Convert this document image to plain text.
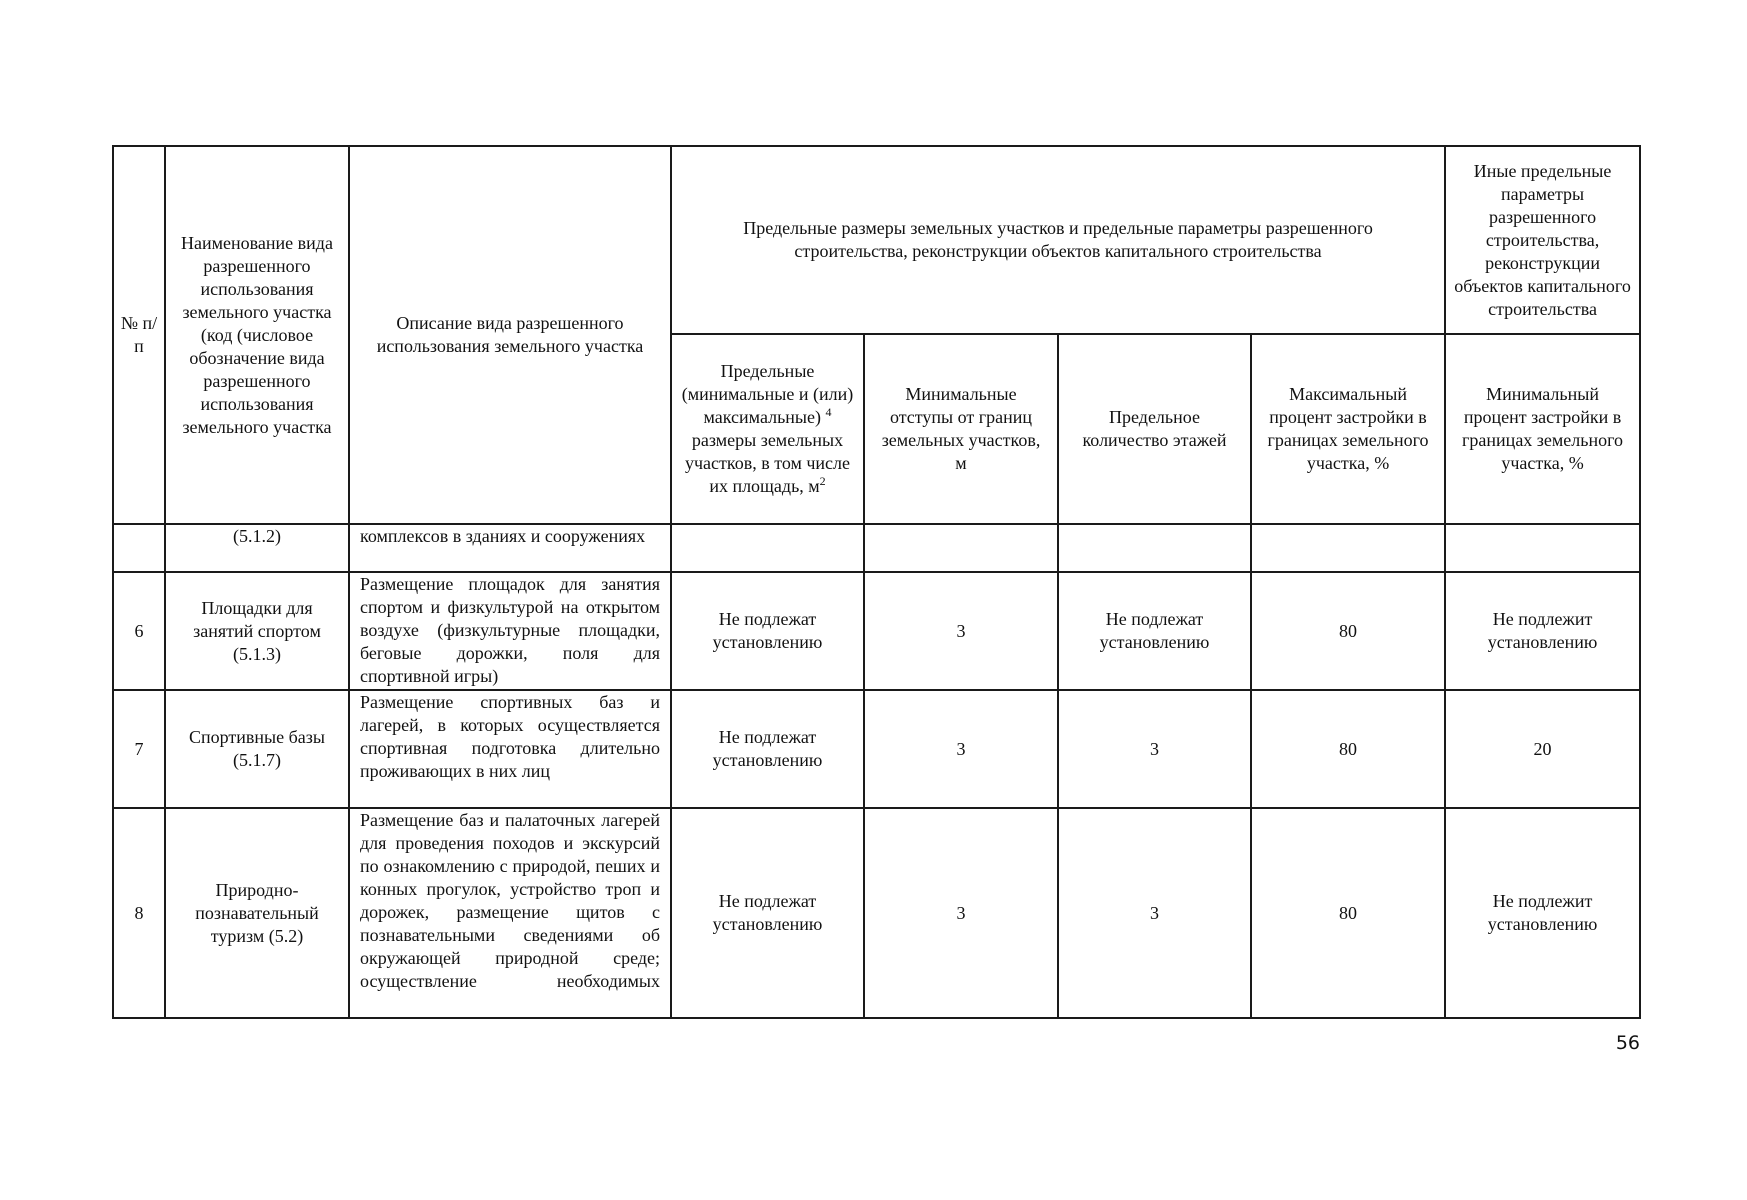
№ п/п	Наименование вида разрешенного использования земельного участка (код (числовое обозначение вида разрешенного использования земельного участка	Описание вида разрешенного использования земельного участка	Предельные размеры земельных участков и предельные параметры разрешенного строительства, реконструкции объектов капитального строительства				Иные предельные параметры разрешенного строительства, реконструкции объектов капитального строительства
			Предельные (минимальные и (или) максимальные) $^4$ размеры земельных участков, в том числе их площадь, $м^2$	Минимальные отступы от границ земельных участков, м	Предельное количество этажей	Максимальный процент застройки в границах земельного участка, %	Минимальный процент застройки в границах земельного участка, %
	(5.1.2)	комплексов в зданиях и сооружениях					
6	Площадки для занятий спортом (5.1.3)	Размещение площадок для занятия спортом и физкультурой на открытом воздухе (физкультурные площадки, беговые дорожки, поля для спортивной игры)	Не подлежат установлению	3	Не подлежат установлению	80	Не подлежит установлению
7	Спортивные базы (5.1.7)	Размещение спортивных баз и лагерей, в которых осуществляется спортивная подготовка длительно проживающих в них лиц	Не подлежат установлению	3	3	80	20
8	Природно-познавательный туризм (5.2)	Размещение баз и палаточных лагерей для проведения походов и экскурсий по ознакомлению с природой, пеших и конных прогулок, устройство троп и дорожек, размещение щитов с познавательными сведениями об окружающей природной среде; осуществление необходимых	Не подлежат установлению	3	3	80	Не подлежит установлению
56
